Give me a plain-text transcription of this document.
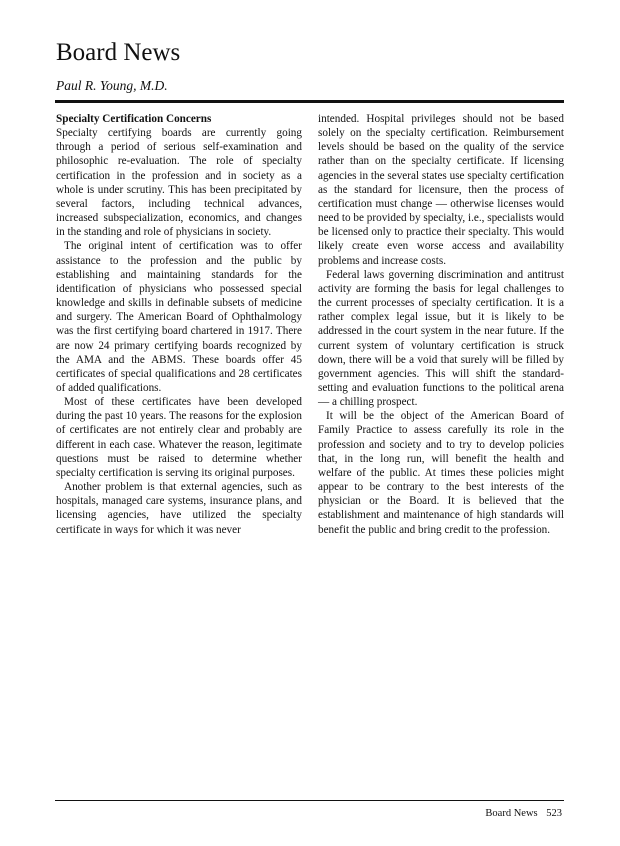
Board News
Paul R. Young, M.D.
Specialty Certification Concerns

Specialty certifying boards are currently going through a period of serious self-examination and philosophic re-evaluation. The role of specialty certification in the profession and in society as a whole is under scrutiny. This has been precipitated by several factors, including technical advances, increased subspecialization, economics, and changes in the standing and role of physicians in society.

The original intent of certification was to offer assistance to the profession and the public by establishing and maintaining standards for the identification of physicians who possessed special knowledge and skills in definable subsets of medicine and surgery. The American Board of Ophthalmology was the first certifying board chartered in 1917. There are now 24 primary certifying boards recognized by the AMA and the ABMS. These boards offer 45 certificates of special qualifications and 28 certificates of added qualifications.

Most of these certificates have been developed during the past 10 years. The reasons for the explosion of certificates are not entirely clear and probably are different in each case. Whatever the reason, legitimate questions must be raised to determine whether specialty certification is serving its original purposes.

Another problem is that external agencies, such as hospitals, managed care systems, insurance plans, and licensing agencies, have utilized the specialty certificate in ways for which it was never

intended. Hospital privileges should not be based solely on the specialty certification. Reimbursement levels should be based on the quality of the service rather than on the specialty certificate. If licensing agencies in the several states use specialty certification as the standard for licensure, then the process of certification must change — otherwise licenses would need to be provided by specialty, i.e., specialists would be licensed only to practice their specialty. This would likely create even worse access and availability problems and increase costs.

Federal laws governing discrimination and antitrust activity are forming the basis for legal challenges to the current processes of specialty certification. It is a rather complex legal issue, but it is likely to be addressed in the court system in the near future. If the current system of voluntary certification is struck down, there will be a void that surely will be filled by government agencies. This will shift the standard-setting and evaluation functions to the political arena — a chilling prospect.

It will be the object of the American Board of Family Practice to assess carefully its role in the profession and society and to try to develop policies that, in the long run, will benefit the health and welfare of the public. At times these policies might appear to be contrary to the best interests of the physician or the Board. It is believed that the establishment and maintenance of high standards will benefit the public and bring credit to the profession.

Board News 523
